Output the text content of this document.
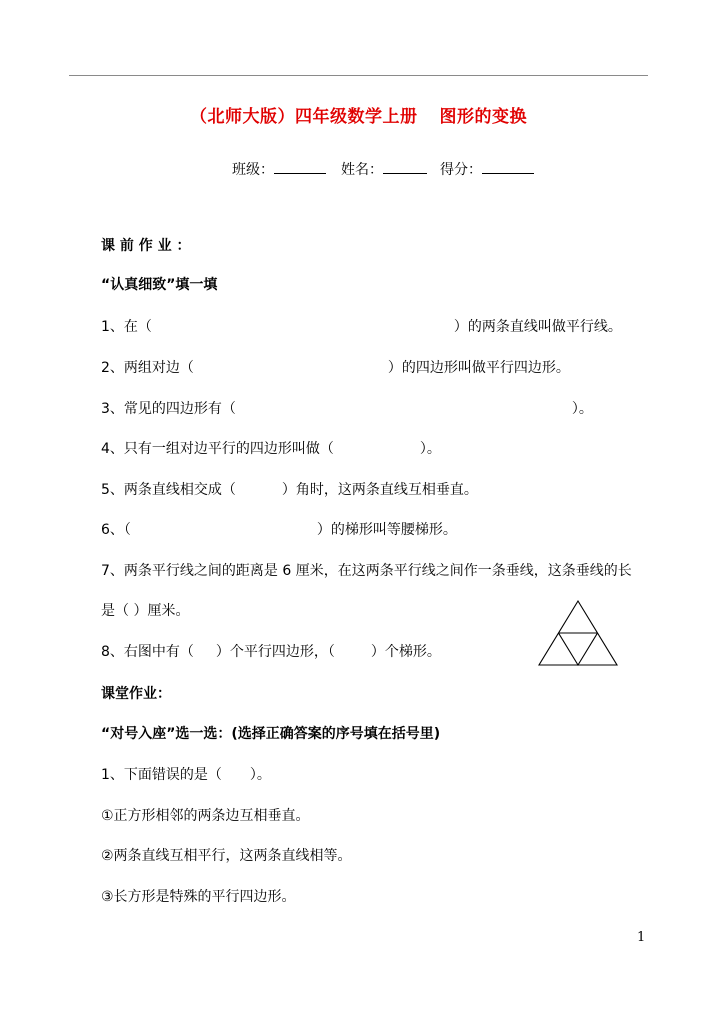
（北师大版）四年级数学上册 图形的变换
班级：	姓名：	得分：
课 前 作 业 ：
“认真细致”填一填
1、在（	）的两条直线叫做平行线。
2、两组对边（	）的四边形叫做平行四边形。
3、常见的四边形有（	）。
4、只有一组对边平行的四边形叫做（	）。
5、两条直线相交成（	）角时，这两条直线互相垂直。
6、（	）的梯形叫等腰梯形。
7、两条平行线之间的距离是 6 厘米，在这两条平行线之间作一条垂线，这条垂线的长
是（ ）厘米。
8、右图中有（ ）个平行四边形，（	）个梯形。
课堂作业：
“对号入座”选一选：(选择正确答案的序号填在括号里)
1、下面错误的是（　　）。
①正方形相邻的两条边互相垂直。
②两条直线互相平行，这两条直线相等。
③长方形是特殊的平行四边形。
1
